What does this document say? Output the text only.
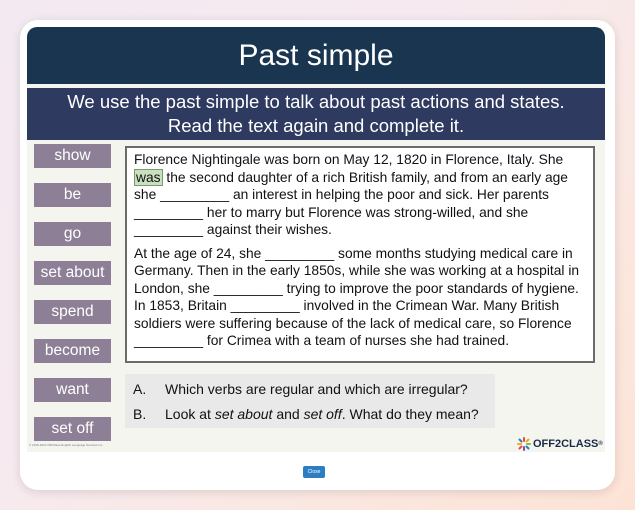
Past simple
We use the past simple to talk about past actions and states.
Read the text again and complete it.
show
be
go
set about
spend
become
want
set off

Florence Nightingale was born on May 12, 1820 in Florence, Italy. She was the second daughter of a rich British family, and from an early age she _________ an interest in helping the poor and sick. Her parents _________ her to marry but Florence was strong-willed, and she _________ against their wishes.

At the age of 24, she _________ some months studying medical care in Germany. Then in the early 1850s, while she was working at a hospital in London, she _________ trying to improve the poor standards of hygiene. In 1853, Britain _________ involved in the Crimean War. Many British soldiers were suffering because of the lack of medical care, so Florence _________ for Crimea with a team of nurses she had trained.

A. Which verbs are regular and which are irregular?
B. Look at set about and set off. What do they mean?
© 2016-2024 Off2Class English Language Services Inc.	OFF2CLASS ®
Close
